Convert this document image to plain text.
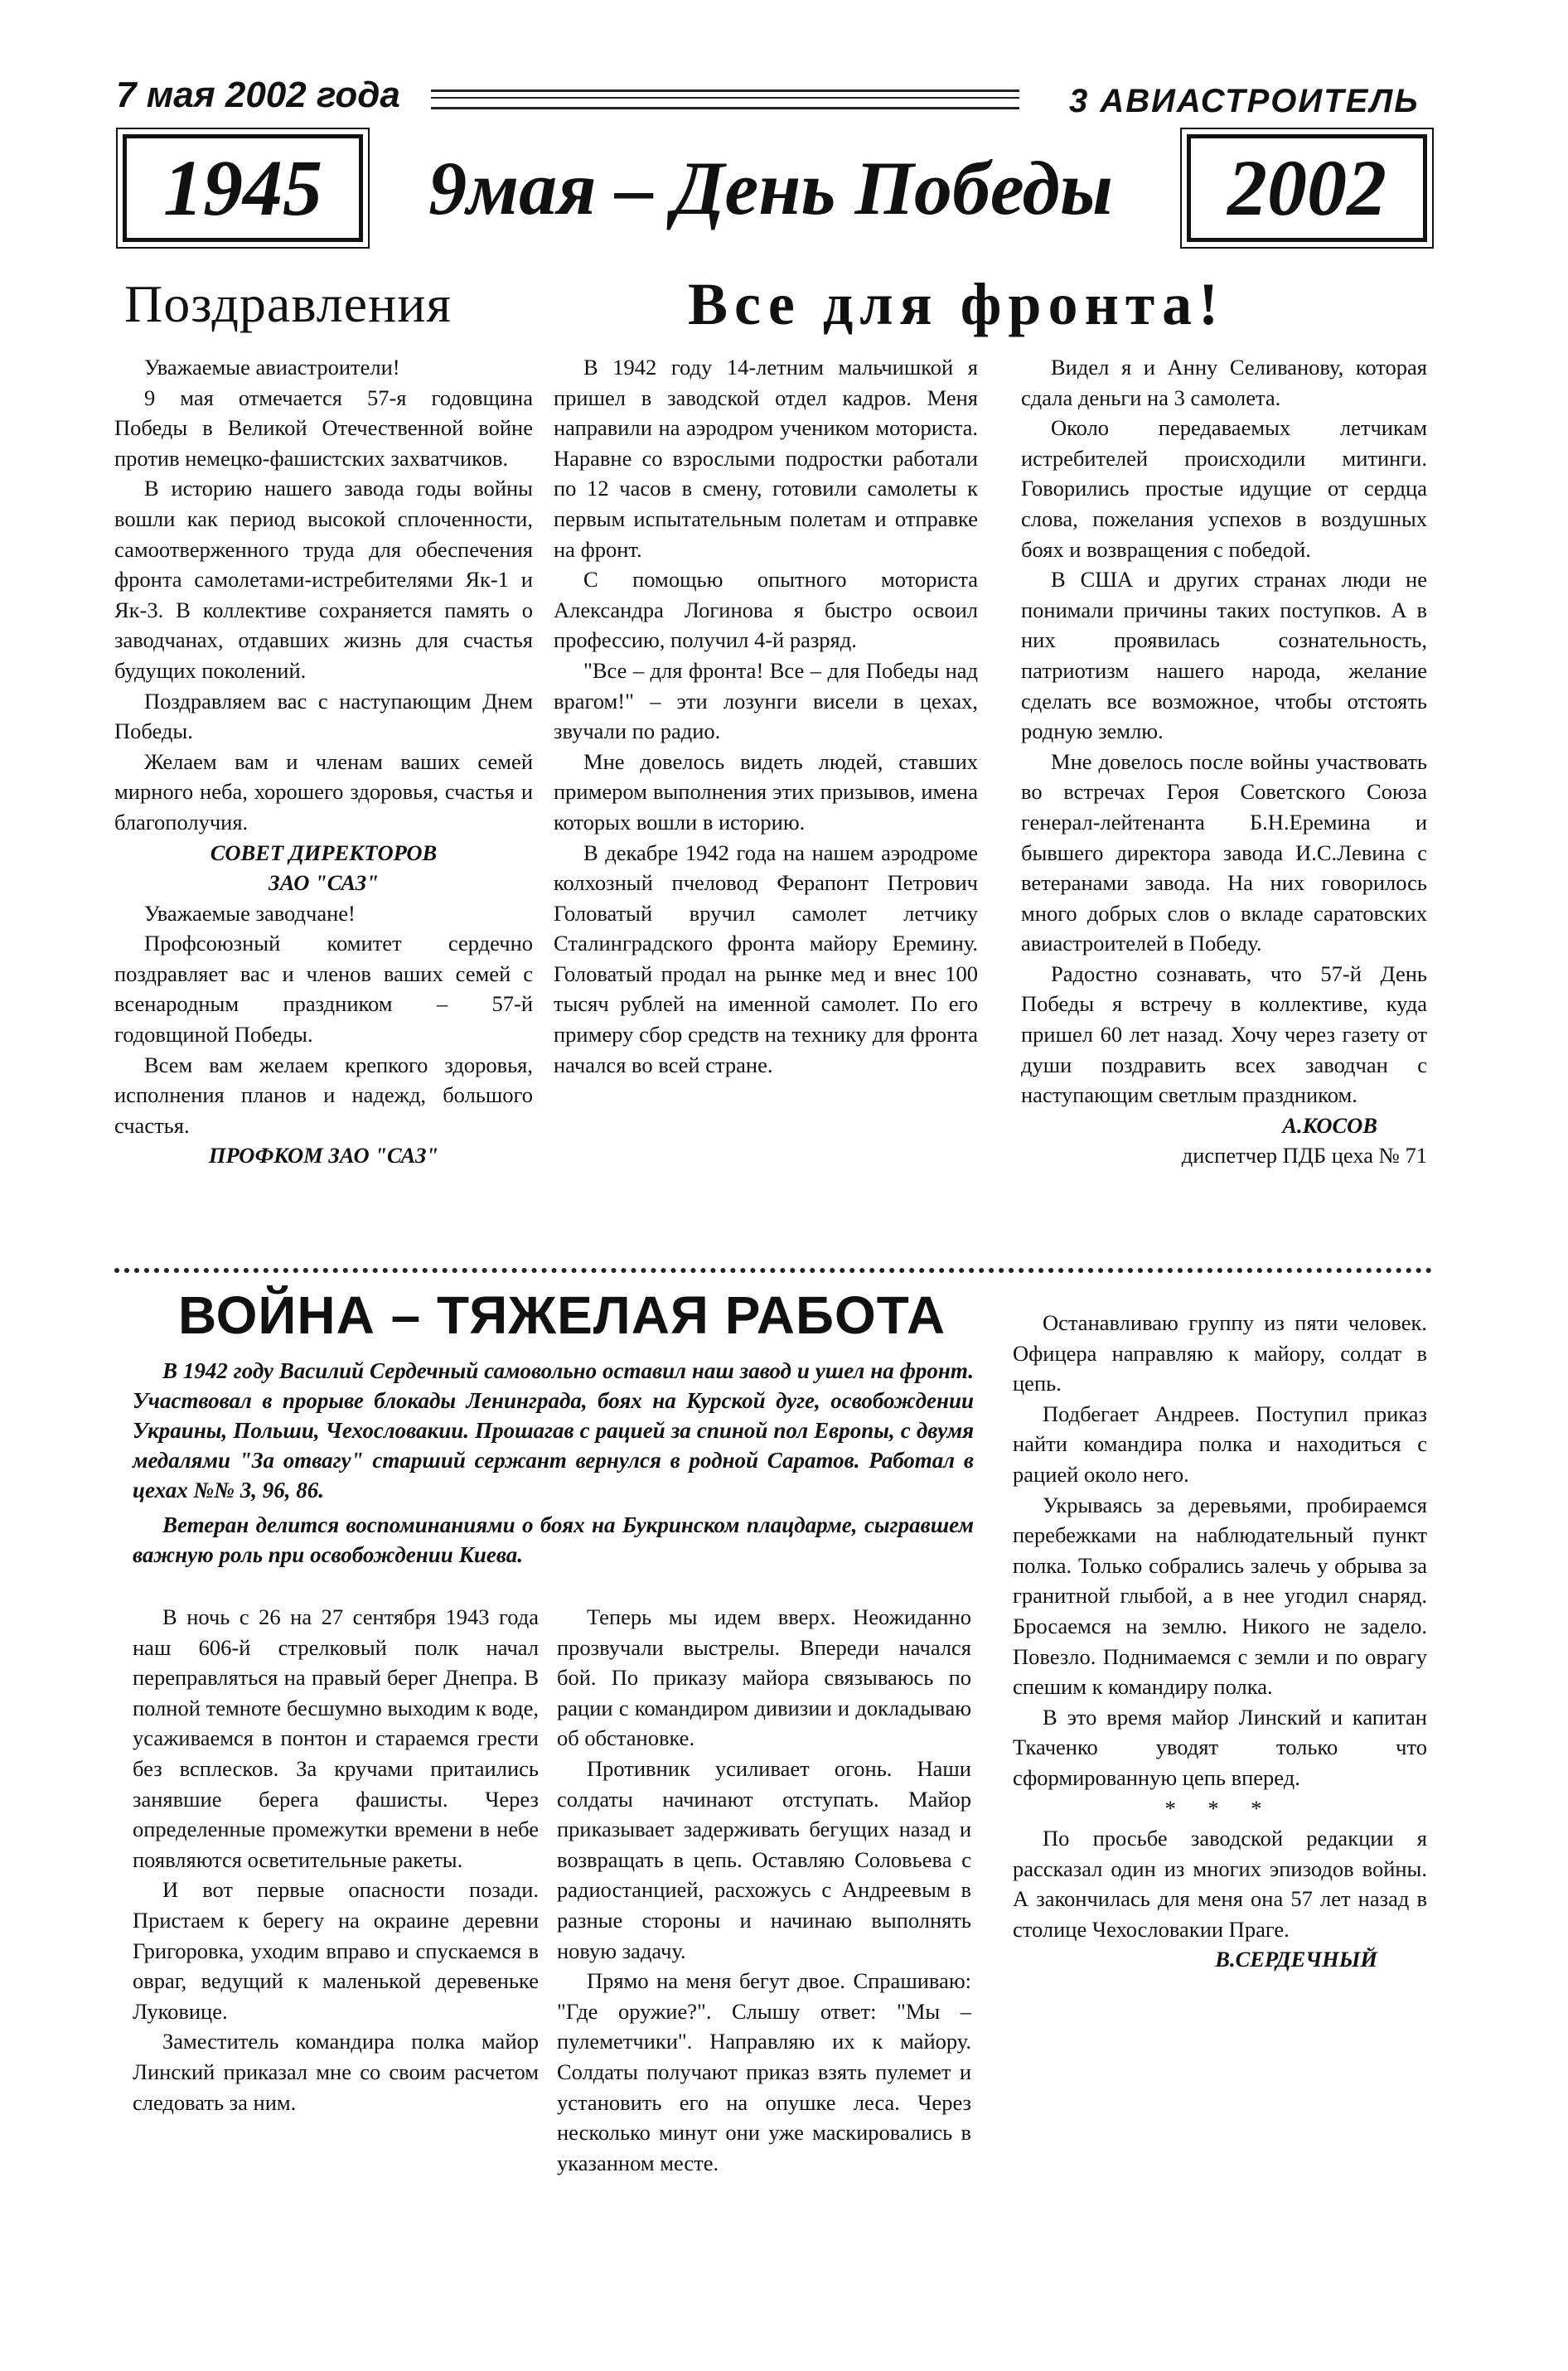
7 мая 2002 года	3 АВИАСТРОИТЕЛЬ
1945	9мая – День Победы	2002
Поздравления	Все для фронта!

Уважаемые авиастроители!

9 мая отмечается 57-я годовщина Победы в Великой Отечественной войне против немецко-фашистских захватчиков.

В историю нашего завода годы войны вошли как период высокой сплоченности, самоотверженного труда для обеспечения фронта самолетами-истребителями Як-1 и Як-3. В коллективе сохраняется память о заводчанах, отдавших жизнь для счастья будущих поколений.

Поздравляем вас с наступающим Днем Победы.

Желаем вам и членам ваших семей мирного неба, хорошего здоровья, счастья и благополучия.

СОВЕТ ДИРЕКТОРОВ

ЗАО "САЗ"

Уважаемые заводчане!

Профсоюзный комитет сердечно поздравляет вас и членов ваших семей с всенародным праздником – 57-й годовщиной Победы.

Всем вам желаем крепкого здоровья, исполнения планов и надежд, большого счастья.

ПРОФКОМ ЗАО "САЗ"

В 1942 году 14-летним мальчишкой я пришел в заводской отдел кадров. Меня направили на аэродром учеником моториста. Наравне со взрослыми подростки работали по 12 часов в смену, готовили самолеты к первым испытательным полетам и отправке на фронт.

С помощью опытного моториста Александра Логинова я быстро освоил профессию, получил 4-й разряд.

"Все – для фронта! Все – для Победы над врагом!" – эти лозунги висели в цехах, звучали по радио.

Мне довелось видеть людей, ставших примером выполнения этих призывов, имена которых вошли в историю.

В декабре 1942 года на нашем аэродроме колхозный пчеловод Ферапонт Петрович Головатый вручил самолет летчику Сталинградского фронта майору Еремину. Головатый продал на рынке мед и внес 100 тысяч рублей на именной самолет. По его примеру сбор средств на технику для фронта начался во всей стране.

Видел я и Анну Селиванову, которая сдала деньги на 3 самолета.

Около передаваемых летчикам истребителей происходили митинги. Говорились простые идущие от сердца слова, пожелания успехов в воздушных боях и возвращения с победой.

В США и других странах люди не понимали причины таких поступков. А в них проявилась сознательность, патриотизм нашего народа, желание сделать все возможное, чтобы отстоять родную землю.

Мне довелось после войны участвовать во встречах Героя Советского Союза генерал-лейтенанта Б.Н.Еремина и бывшего директора завода И.С.Левина с ветеранами завода. На них говорилось много добрых слов о вкладе саратовских авиастроителей в Победу.

Радостно сознавать, что 57-й День Победы я встречу в коллективе, куда пришел 60 лет назад. Хочу через газету от души поздравить всех заводчан с наступающим светлым праздником.

А.КОСОВ

диспетчер ПДБ цеха № 71

ВОЙНА – ТЯЖЕЛАЯ РАБОТА

В 1942 году Василий Сердечный самовольно оставил наш завод и ушел на фронт. Участвовал в прорыве блокады Ленинграда, боях на Курской дуге, освобождении Украины, Польши, Чехословакии. Прошагав с рацией за спиной пол Европы, с двумя медалями "За отвагу" старший сержант вернулся в родной Саратов. Работал в цехах №№ 3, 96, 86.

Ветеран делится воспоминаниями о боях на Букринском плацдарме, сыгравшем важную роль при освобождении Киева.

В ночь с 26 на 27 сентября 1943 года наш 606-й стрелковый полк начал переправляться на правый берег Днепра. В полной темноте бесшумно выходим к воде, усаживаемся в понтон и стараемся грести без всплесков. За кручами притаились занявшие берега фашисты. Через определенные промежутки времени в небе появляются осветительные ракеты.

И вот первые опасности позади. Пристаем к берегу на окраине деревни Григоровка, уходим вправо и спускаемся в овраг, ведущий к маленькой деревеньке Луковице.

Заместитель командира полка майор Линский приказал мне со своим расчетом следовать за ним.

Теперь мы идем вверх. Неожиданно прозвучали выстрелы. Впереди начался бой. По приказу майора связываюсь по рации с командиром дивизии и докладываю об обстановке.

Противник усиливает огонь. Наши солдаты начинают отступать. Майор приказывает задерживать бегущих назад и возвращать в цепь. Оставляю Соловьева с радиостанцией, расхожусь с Андреевым в разные стороны и начинаю выполнять новую задачу.

Прямо на меня бегут двое. Спрашиваю: "Где оружие?". Слышу ответ: "Мы – пулеметчики". Направляю их к майору. Солдаты получают приказ взять пулемет и установить его на опушке леса. Через несколько минут они уже маскировались в указанном месте.

Останавливаю группу из пяти человек. Офицера направляю к майору, солдат в цепь.

Подбегает Андреев. Поступил приказ найти командира полка и находиться с рацией около него.

Укрываясь за деревьями, пробираемся перебежками на наблюдательный пункт полка. Только собрались залечь у обрыва за гранитной глыбой, а в нее угодил снаряд. Бросаемся на землю. Никого не задело. Повезло. Поднимаемся с земли и по оврагу спешим к командиру полка.

В это время майор Линский и капитан Ткаченко уводят только что сформированную цепь вперед.

* * *

По просьбе заводской редакции я рассказал один из многих эпизодов войны. А закончилась для меня она 57 лет назад в столице Чехословакии Праге.

В.СЕРДЕЧНЫЙ
